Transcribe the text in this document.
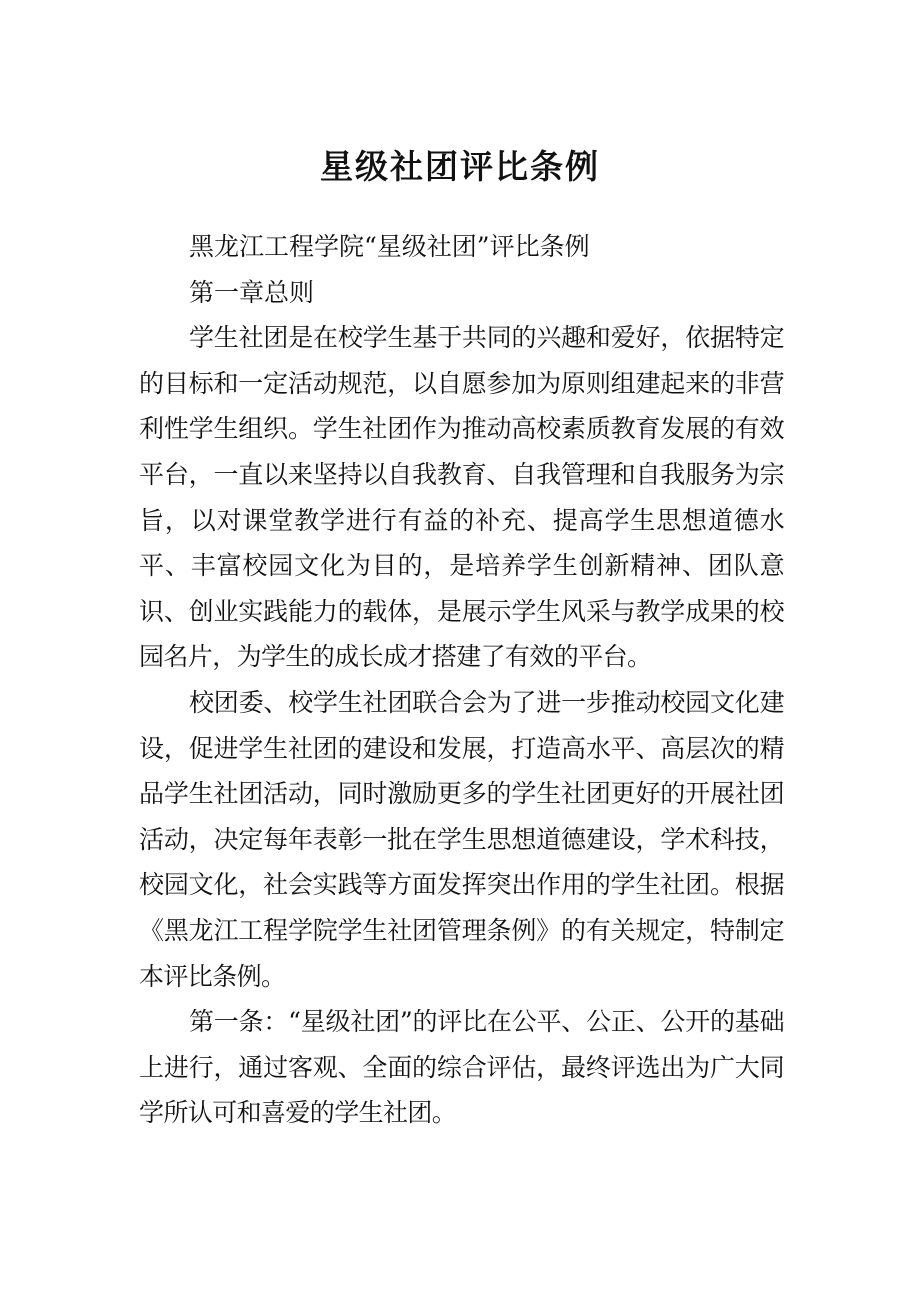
星级社团评比条例

黑龙江工程学院“星级社团”评比条例

第一章总则

学生社团是在校学生基于共同的兴趣和爱好，依据特定的目标和一定活动规范，以自愿参加为原则组建起来的非营利性学生组织。学生社团作为推动高校素质教育发展的有效平台，一直以来坚持以自我教育、自我管理和自我服务为宗旨，以对课堂教学进行有益的补充、提高学生思想道德水平、丰富校园文化为目的，是培养学生创新精神、团队意识、创业实践能力的载体，是展示学生风采与教学成果的校园名片，为学生的成长成才搭建了有效的平台。

校团委、校学生社团联合会为了进一步推动校园文化建设，促进学生社团的建设和发展，打造高水平、高层次的精品学生社团活动，同时激励更多的学生社团更好的开展社团活动，决定每年表彰一批在学生思想道德建设，学术科技，校园文化，社会实践等方面发挥突出作用的学生社团。根据《黑龙江工程学院学生社团管理条例》的有关规定，特制定本评比条例。

第一条：“星级社团”的评比在公平、公正、公开的基础上进行，通过客观、全面的综合评估，最终评选出为广大同学所认可和喜爱的学生社团。
